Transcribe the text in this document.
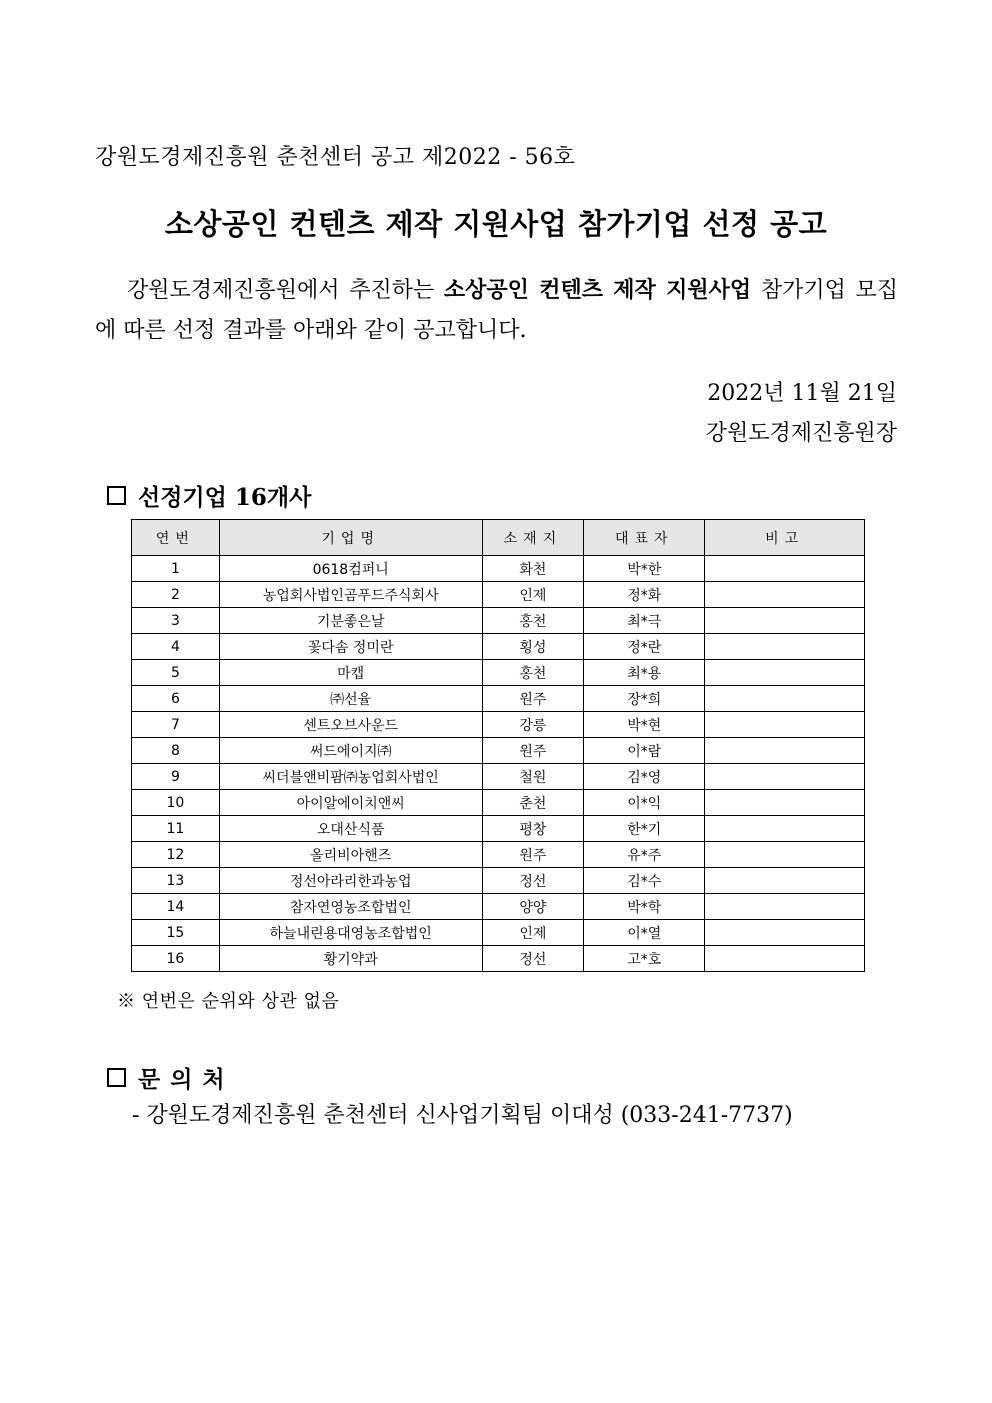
강원도경제진흥원 춘천센터 공고 제2022 - 56호
소상공인 컨텐츠 제작 지원사업 참가기업 선정 공고
강원도경제진흥원에서 추진하는 소상공인 컨텐츠 제작 지원사업 참가기업 모집에 따른 선정 결과를 아래와 같이 공고합니다.
2022년 11월 21일
강원도경제진흥원장
선정기업 16개사
연번	기업명	소재지	대표자	비고
1	0618컴퍼니	화천	박*한	
2	농업회사법인곰푸드주식회사	인제	정*화	
3	기분좋은날	홍천	최*극	
4	꽃다솜 정미란	횡성	정*란	
5	마캡	홍천	최*용	
6	㈜선율	원주	장*희	
7	센트오브사운드	강릉	박*현	
8	써드에이지㈜	원주	이*람	
9	씨더블앤비팜㈜농업회사법인	철원	김*영	
10	아이알에이치앤씨	춘천	이*익	
11	오대산식품	평창	한*기	
12	올리비아핸즈	원주	유*주	
13	정선아라리한과농업	정선	김*수	
14	참자연영농조합법인	양양	박*학	
15	하늘내린용대영농조합법인	인제	이*열	
16	황기약과	정선	고*호	
※ 연번은 순위와 상관 없음
문의처
- 강원도경제진흥원 춘천센터 신사업기획팀 이대성 (033-241-7737)
